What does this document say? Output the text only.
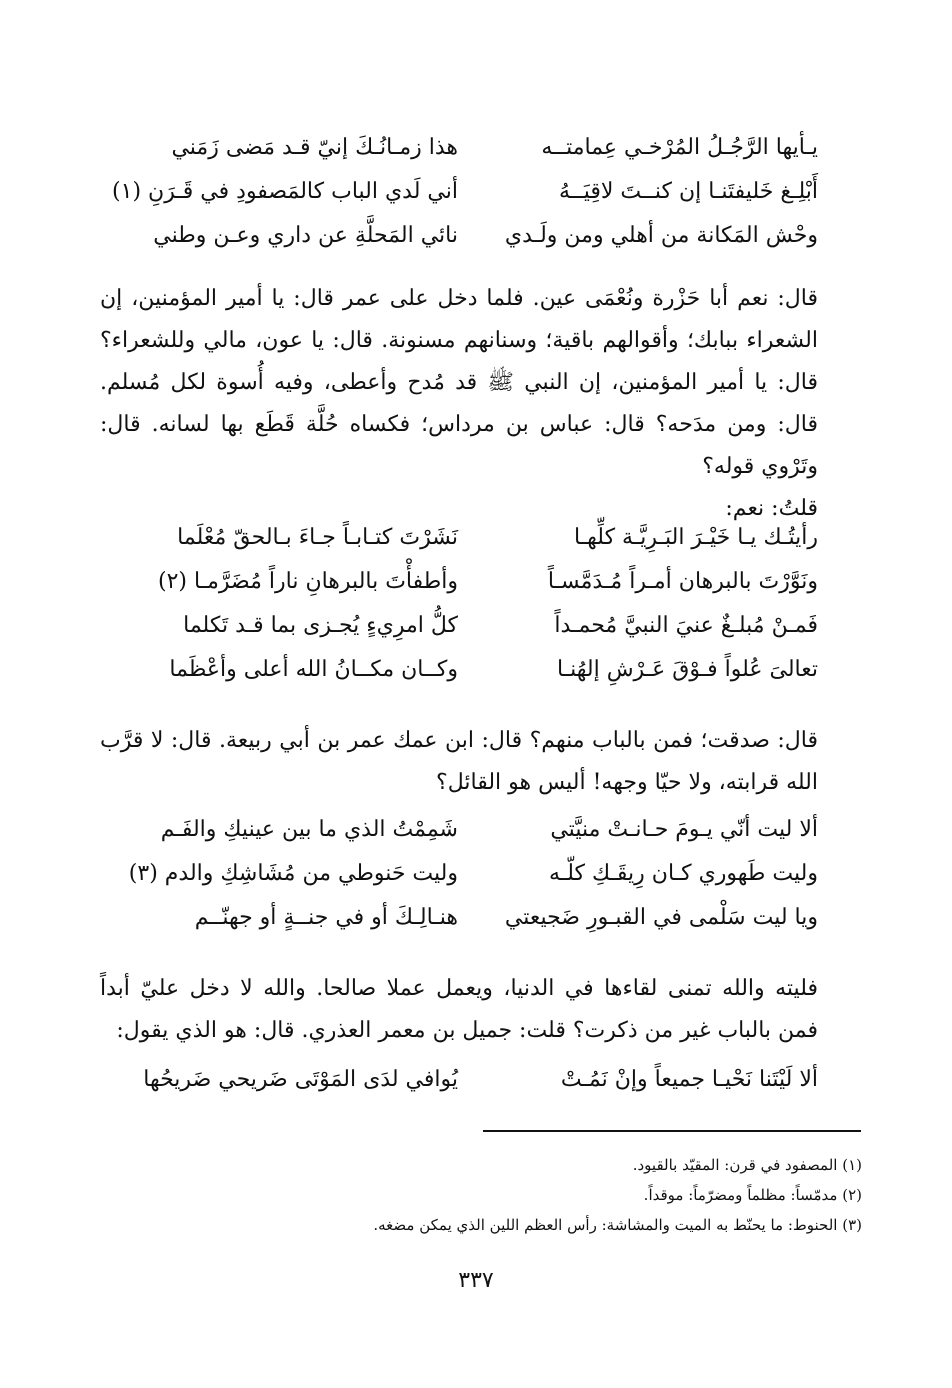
يـأيها الرَّجُـلُ المُرْخـي عِمامتــه
هذا زمـانُـكَ إنيّ قـد مَضى زَمَني
أَبْلِـغ خَليفتَنـا إن كنــتَ لاقِيَــهُ
أني لَدي الباب كالمَصفودِ في قَـرَنِ (١)
وحْش المَكانة من أهلي ومن ولَـدي
نائي المَحلَّةِ عن داري وعـن وطني

قال: نعم أبا حَزْرة ونُعْمَى عين. فلما دخل على عمر قال: يا أمير المؤمنين، إن الشعراء ببابك؛ وأقوالهم باقية؛ وسنانهم مسنونة. قال: يا عون، مالي وللشعراء؟ قال: يا أمير المؤمنين، إن النبي ﷺ قد مُدح وأعطى، وفيه أُسوة لكل مُسلم. قال: ومن مدَحه؟ قال: عباس بن مرداس؛ فكساه حُلَّة قَطَع بها لسانه. قال: وتَرْوي قوله؟

قلتُ: نعم:

رأيتُـك يـا خَيْـرَ البَـرِيَّـة كلِّهـا
نَشَرْتَ كتـابـاً جـاءَ بـالحقّ مُعْلَما
ونَوَّرْتَ بالبرهان أمـراً مُـدَمَّسـاً
وأطفأْتَ بالبرهانِ ناراً مُضَرَّمـا (٢)
فَمـنْ مُبلـغٌ عنيَ النبيَّ مُحمـداً
كلُّ امرِيءٍ يُجـزى بما قـد تَكلما
تعالىَ عُلواً فـوْقَ عَـرْشِ إلهُنـا
وكــان مكــانُ الله أعلى وأعْظَما

قال: صدقت؛ فمن بالباب منهم؟ قال: ابن عمك عمر بن أبي ربيعة. قال: لا قرَّب الله قرابته، ولا حيّا وجهه! أليس هو القائل؟

ألا ليت أنّي يـومَ حـانـتْ منيَّتي
شَمِمْتُ الذي ما بين عينيكِ والفَـم
وليت طَهوري كـان رِيقَـكِ كلّـه
وليت حَنوطي من مُشَاشِكِ والدم (٣)
ويا ليت سَلْمى في القبـورِ ضَجيعتي
هنـالِـكَ أو في جنــةٍ أو جهنّــم

فليته والله تمنى لقاءها في الدنيا، ويعمل عملا صالحا. والله لا دخل عليّ أبداً فمن بالباب غير من ذكرت؟ قلت: جميل بن معمر العذري. قال: هو الذي يقول:

ألا لَيْتَنا نَحْيـا جميعاً وإنْ نَمُـتْ
يُوافي لدَى المَوْتَى ضَريحي ضَريحُها
(١) المصفود في قرن: المقيّد بالقيود.
(٢) مدمّساً: مظلماً ومضرّماً: موقداً.
(٣) الحنوط: ما يحنّط به الميت والمشاشة: رأس العظم اللين الذي يمكن مضغه.
٣٣٧
